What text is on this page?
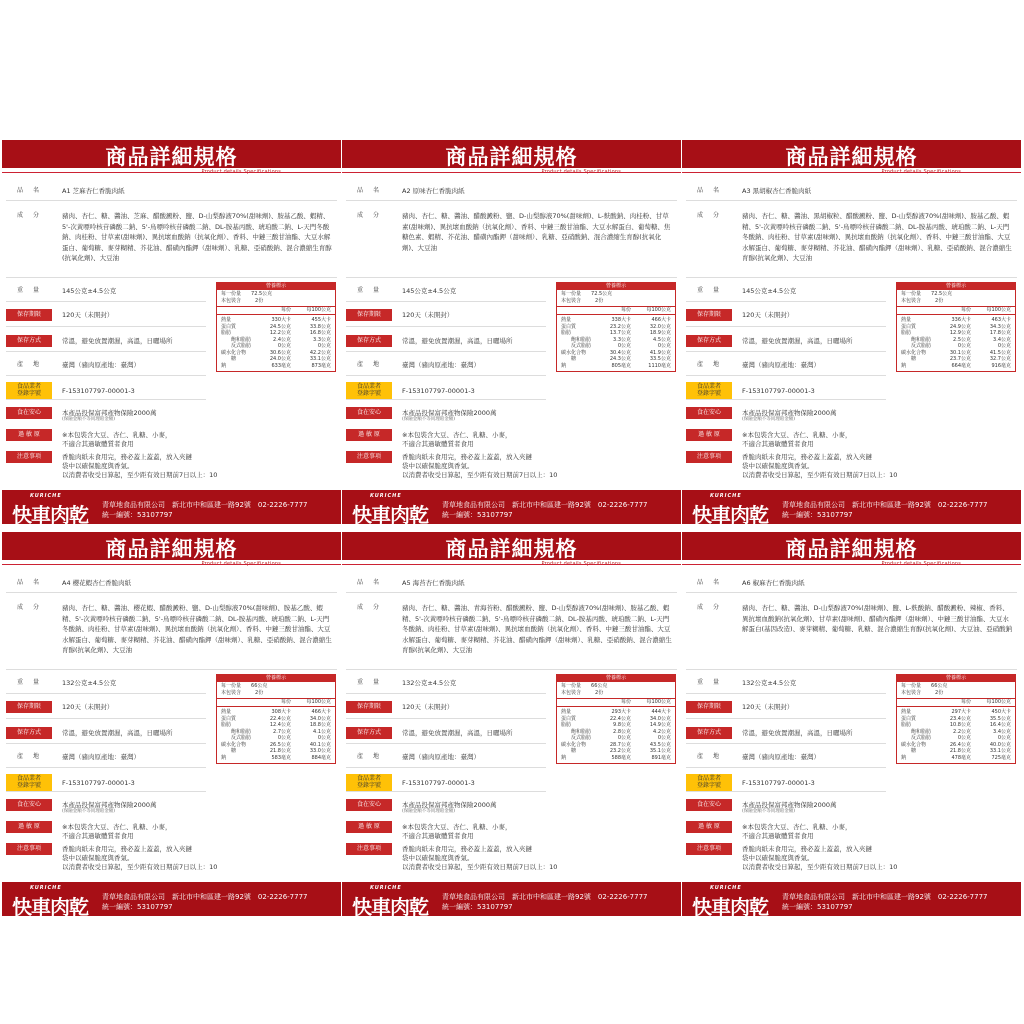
商品詳細規格
品　名	A1 芝麻杏仁香脆肉紙
成　分	豬肉、杏仁、糖、醬油、芝麻、醋酸澱粉、鹽、D-山梨醇液70%(甜味劑)、胺基乙酸、蝦精、5'-次黃嘌呤核苷磷酸二鈉、5'-鳥嘌呤核苷磷酸二鈉、DL-胺基丙酸、琥珀酸二鈉、L-天門冬酸鈉、肉桂粉、甘草素(甜味劑)、異抗壞血酸鈉（抗氧化劑）、香料、中鏈三酸甘油酯、大豆水解蛋白、葡萄糖、麥芽糊精、芥花油、醋磺內酯鉀（甜味劑）、乳糖、亞硝酸鈉、混合濃縮生育醇(抗氧化劑)、大豆油
重　量	145公克±4.5公克
保存期限	120天（未開封）
保存方式	常溫，避免放置潮濕，高溫，日曬場所
產　地	臺灣（豬肉原產地：臺灣）
食品業者
登錄字號	F-153107797-00001-3
食在安心	本產品投保富邦產物保險2000萬
(保險金額不等同理賠金額)
過 敏 原	※本包裝含大豆、杏仁、乳糖、小麥，
不適合其過敏體質者食用
注意事項	香脆肉紙未食用完，務必蓋上蓋蓋，放入夾鏈
袋中以確保脆度與香氣。
以消費者收受日算起，至少距有效日期前7日以上：10
營養標示
每一份量 72.5公克
本包裝含	2份
每份	每100公克
熱量	330大卡	455大卡
蛋白質	24.5公克	33.8公克
脂肪	12.2公克	16.8公克
飽和脂肪	2.4公克	3.3公克
反式脂肪	0公克	0公克
碳水化合物	30.6公克	42.2公克
糖	24.0公克	33.1公克
鈉	633毫克	873毫克
KURICHE
快車肉乾 青草地食品有限公司　新北市中和區建一路92號　02-2226-7777
統一編號：53107797
商品詳細規格
品　名	A2 原味杏仁香脆肉紙
成　分	豬肉、杏仁、糖、醬油、醋酸澱粉、鹽、D-山梨醇液70%(甜味劑)、L-麩酸鈉、肉桂粉、甘草素(甜味劑)、異抗壞血酸鈉（抗氧化劑）、香料、中鏈三酸甘油酯、大豆水解蛋白、葡萄糖、焦糖色素、蝦精、芥花油、醋磺內酯鉀（甜味劑）、乳糖、亞硝酸鈉、混合濃縮生育醇(抗氧化劑)、大豆油
重　量	145公克±4.5公克
保存期限	120天（未開封）
保存方式	常溫，避免放置潮濕，高溫，日曬場所
產　地	臺灣（豬肉原產地：臺灣）
食品業者
登錄字號	F-153107797-00001-3
食在安心	本產品投保富邦產物保險2000萬
(保險金額不等同理賠金額)
過 敏 原	※本包裝含大豆、杏仁、乳糖、小麥，
不適合其過敏體質者食用
注意事項	香脆肉紙未食用完，務必蓋上蓋蓋，放入夾鏈
袋中以確保脆度與香氣。
以消費者收受日算起，至少距有效日期前7日以上：10
營養標示
每一份量 72.5公克
本包裝含	2份
每份	每100公克
熱量	338大卡	466大卡
蛋白質	23.2公克	32.0公克
脂肪	13.7公克	18.9公克
飽和脂肪	3.3公克	4.5公克
反式脂肪	0公克	0公克
碳水化合物	30.4公克	41.9公克
糖	24.3公克	33.5公克
鈉	805毫克	1110毫克
KURICHE
快車肉乾 青草地食品有限公司　新北市中和區建一路92號　02-2226-7777
統一編號：53107797
商品詳細規格
品　名	A3 黑胡椒杏仁香脆肉紙
成　分	豬肉、杏仁、糖、醬油、黑胡椒粒、醋酸澱粉、鹽、D-山梨醇液70%(甜味劑)、胺基乙酸、蝦精、5'-次黃嘌呤核苷磷酸二鈉、5'-鳥嘌呤核苷磷酸二鈉、DL-胺基丙酸、琥珀酸二鈉、L-天門冬酸鈉、肉桂粉、甘草素(甜味劑)、異抗壞血酸鈉（抗氧化劑）、香料、中鏈三酸甘油酯、大豆水解蛋白、葡萄糖、麥芽糊精、芥花油、醋磺內酯鉀（甜味劑）、乳糖、亞硝酸鈉、混合濃縮生育醇(抗氧化劑)、大豆油
重　量	145公克±4.5公克
保存期限	120天（未開封）
保存方式	常溫，避免放置潮濕，高溫，日曬場所
產　地	臺灣（豬肉原產地：臺灣）
食品業者
登錄字號	F-153107797-00001-3
食在安心	本產品投保富邦產物保險2000萬
(保險金額不等同理賠金額)
過 敏 原	※本包裝含大豆、杏仁、乳糖、小麥，
不適合其過敏體質者食用
注意事項	香脆肉紙未食用完，務必蓋上蓋蓋，放入夾鏈
袋中以確保脆度與香氣。
以消費者收受日算起，至少距有效日期前7日以上：10
營養標示
每一份量 72.5公克
本包裝含	2份
每份	每100公克
熱量	336大卡	463大卡
蛋白質	24.9公克	34.3公克
脂肪	12.9公克	17.8公克
飽和脂肪	2.5公克	3.4公克
反式脂肪	0公克	0公克
碳水化合物	30.1公克	41.5公克
糖	23.7公克	32.7公克
鈉	664毫克	916毫克
KURICHE
快車肉乾 青草地食品有限公司　新北市中和區建一路92號　02-2226-7777
統一編號：53107797
商品詳細規格
品　名	A4 櫻花蝦杏仁香脆肉紙
成　分	豬肉、杏仁、糖、醬油、櫻花蝦、醋酸澱粉、鹽、D-山梨醇液70%(甜味劑)、胺基乙酸、蝦精、5'-次黃嘌呤核苷磷酸二鈉、5'-鳥嘌呤核苷磷酸二鈉、DL-胺基丙酸、琥珀酸二鈉、L-天門冬酸鈉、肉桂粉、甘草素(甜味劑)、異抗壞血酸鈉（抗氧化劑）、香料、中鏈三酸甘油酯、大豆水解蛋白、葡萄糖、麥芽糊精、芥花油、醋磺內酯鉀（甜味劑）、乳糖、亞硝酸鈉、混合濃縮生育醇(抗氧化劑)、大豆油
重　量	132公克±4.5公克
保存期限	120天（未開封）
保存方式	常溫，避免放置潮濕，高溫，日曬場所
產　地	臺灣（豬肉原產地：臺灣）
食品業者
登錄字號	F-153107797-00001-3
食在安心	本產品投保富邦產物保險2000萬
(保險金額不等同理賠金額)
過 敏 原	※本包裝含大豆、杏仁、乳糖、小麥，
不適合其過敏體質者食用
注意事項	香脆肉紙未食用完，務必蓋上蓋蓋，放入夾鏈
袋中以確保脆度與香氣。
以消費者收受日算起，至少距有效日期前7日以上：10
營養標示
每一份量 66公克
本包裝含	2份
每份	每100公克
熱量	308大卡	466大卡
蛋白質	22.4公克	34.0公克
脂肪	12.4公克	18.8公克
飽和脂肪	2.7公克	4.1公克
反式脂肪	0公克	0公克
碳水化合物	26.5公克	40.1公克
糖	21.8公克	33.0公克
鈉	583毫克	884毫克
KURICHE
快車肉乾 青草地食品有限公司　新北市中和區建一路92號　02-2226-7777
統一編號：53107797
商品詳細規格
品　名	A5 海苔杏仁香脆肉紙
成　分	豬肉、杏仁、糖、醬油、青海苔粉、醋酸澱粉、鹽、D-山梨醇液70%(甜味劑)、胺基乙酸、蝦精、5'-次黃嘌呤核苷磷酸二鈉、5'-鳥嘌呤核苷磷酸二鈉、DL-胺基丙酸、琥珀酸二鈉、L-天門冬酸鈉、肉桂粉、甘草素(甜味劑)、異抗壞血酸鈉（抗氧化劑）、香料、中鏈三酸甘油酯、大豆水解蛋白、葡萄糖、麥芽糊精、芥花油、醋磺內酯鉀（甜味劑）、乳糖、亞硝酸鈉、混合濃縮生育醇(抗氧化劑)、大豆油
重　量	132公克±4.5公克
保存期限	120天（未開封）
保存方式	常溫，避免放置潮濕，高溫，日曬場所
產　地	臺灣（豬肉原產地：臺灣）
食品業者
登錄字號	F-153107797-00001-3
食在安心	本產品投保富邦產物保險2000萬
(保險金額不等同理賠金額)
過 敏 原	※本包裝含大豆、杏仁、乳糖、小麥，
不適合其過敏體質者食用
注意事項	香脆肉紙未食用完，務必蓋上蓋蓋，放入夾鏈
袋中以確保脆度與香氣。
以消費者收受日算起，至少距有效日期前7日以上：10
營養標示
每一份量 66公克
本包裝含	2份
每份	每100公克
熱量	293大卡	444大卡
蛋白質	22.4公克	34.0公克
脂肪	9.8公克	14.9公克
飽和脂肪	2.8公克	4.2公克
反式脂肪	0公克	0公克
碳水化合物	28.7公克	43.5公克
糖	23.2公克	35.1公克
鈉	588毫克	891毫克
KURICHE
快車肉乾 青草地食品有限公司　新北市中和區建一路92號　02-2226-7777
統一編號：53107797
商品詳細規格
品　名	A6 椒麻杏仁香脆肉紙
成　分	豬肉、杏仁、糖、醬油、D-山梨醇液70%(甜味劑)、鹽、L-麩酸鈉、醋酸澱粉、辣椒、香料、異抗壞血酸鈉(抗氧化劑)、甘草素(甜味劑)、醋磺內酯鉀（甜味劑）、中鏈三酸甘油酯、大豆水解蛋白(基因改造)、麥芽糊精、葡萄糖、乳糖、混合濃縮生育醇(抗氧化劑)、大豆油、亞硝酸鈉
重　量	132公克±4.5公克
保存期限	120天（未開封）
保存方式	常溫，避免放置潮濕，高溫，日曬場所
產　地	臺灣（豬肉原產地：臺灣）
食品業者
登錄字號	F-153107797-00001-3
食在安心	本產品投保富邦產物保險2000萬
(保險金額不等同理賠金額)
過 敏 原	※本包裝含大豆、杏仁、乳糖、小麥，
不適合其過敏體質者食用
注意事項	香脆肉紙未食用完，務必蓋上蓋蓋，放入夾鏈
袋中以確保脆度與香氣。
以消費者收受日算起，至少距有效日期前7日以上：10
營養標示
每一份量 66公克
本包裝含	2份
每份	每100公克
熱量	297大卡	450大卡
蛋白質	23.4公克	35.5公克
脂肪	10.8公克	16.4公克
飽和脂肪	2.2公克	3.4公克
反式脂肪	0公克	0公克
碳水化合物	26.4公克	40.0公克
糖	21.8公克	33.1公克
鈉	478毫克	725毫克
KURICHE
快車肉乾 青草地食品有限公司　新北市中和區建一路92號　02-2226-7777
統一編號：53107797
